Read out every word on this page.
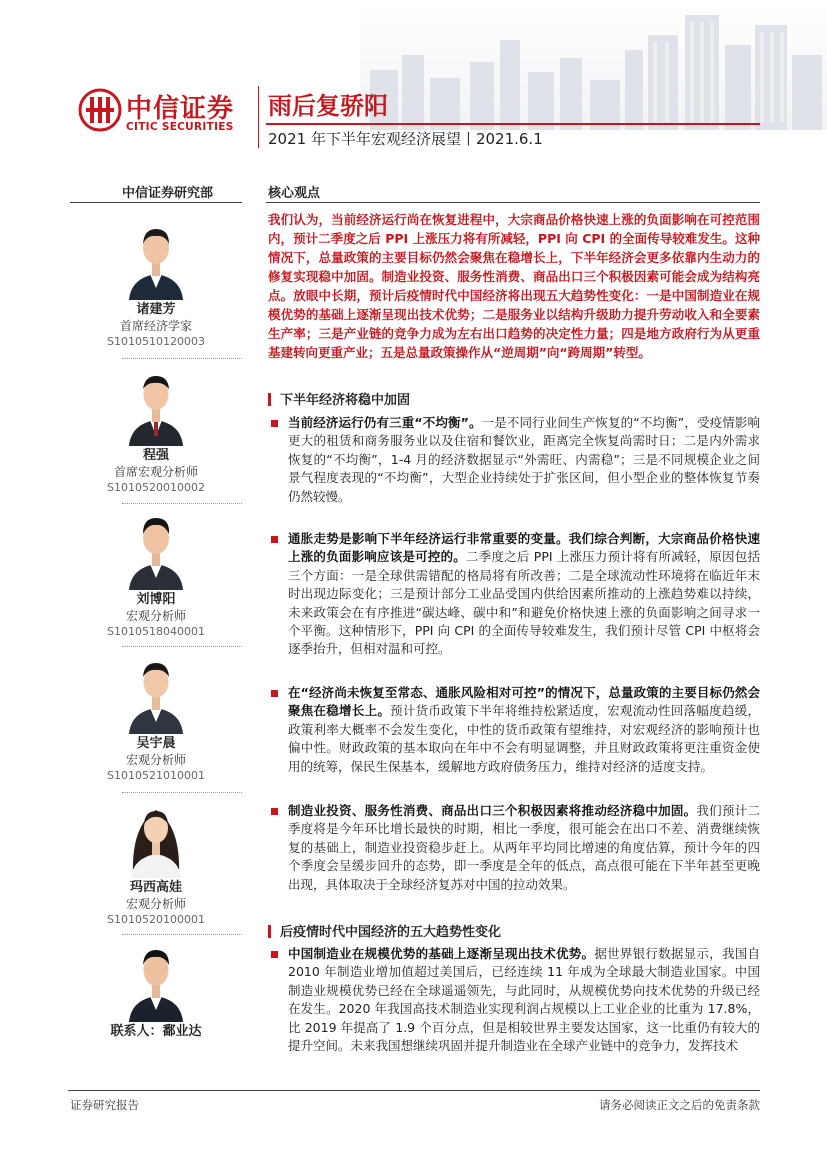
中信证券
CITIC SECURITIES
雨后复骄阳
2021 年下半年宏观经济展望丨2021.6.1
中信证券研究部	核心观点
诸建芳
首席经济学家
S1010510120003
程强
首席宏观分析师
S1010520010002
刘博阳
宏观分析师
S1010518040001
吴宇晨
宏观分析师
S1010521010001
玛西高娃
宏观分析师
S1010520100001
联系人：鄱业达
我们认为，当前经济运行尚在恢复进程中，大宗商品价格快速上涨的负面影响在可控范围内，预计二季度之后 PPI 上涨压力将有所减轻，PPI 向 CPI 的全面传导较难发生。这种情况下，总量政策的主要目标仍然会聚焦在稳增长上，下半年经济会更多依靠内生动力的修复实现稳中加固。制造业投资、服务性消费、商品出口三个积极因素可能会成为结构亮点。放眼中长期，预计后疫情时代中国经济将出现五大趋势性变化：一是中国制造业在规模优势的基础上逐渐呈现出技术优势；二是服务业以结构升级助力提升劳动收入和全要素生产率；三是产业链的竞争力成为左右出口趋势的决定性力量；四是地方政府行为从更重基建转向更重产业；五是总量政策操作从“逆周期”向“跨周期”转型。
下半年经济将稳中加固
当前经济运行仍有三重“不均衡”。一是不同行业间生产恢复的“不均衡”，受疫情影响更大的租赁和商务服务业以及住宿和餐饮业，距离完全恢复尚需时日；二是内外需求恢复的“不均衡”，1-4 月的经济数据显示“外需旺、内需稳”；三是不同规模企业之间景气程度表现的“不均衡”，大型企业持续处于扩张区间，但小型企业的整体恢复节奏仍然较慢。
通胀走势是影响下半年经济运行非常重要的变量。我们综合判断，大宗商品价格快速上涨的负面影响应该是可控的。二季度之后 PPI 上涨压力预计将有所减轻，原因包括三个方面：一是全球供需错配的格局将有所改善；二是全球流动性环境将在临近年末时出现边际变化；三是预计部分工业品受国内供给因素所推动的上涨趋势难以持续，未来政策会在有序推进“碳达峰、碳中和”和避免价格快速上涨的负面影响之间寻求一个平衡。这种情形下，PPI 向 CPI 的全面传导较难发生，我们预计尽管 CPI 中枢将会逐季抬升，但相对温和可控。
在“经济尚未恢复至常态、通胀风险相对可控”的情况下，总量政策的主要目标仍然会聚焦在稳增长上。预计货币政策下半年将维持松紧适度，宏观流动性回落幅度趋缓，政策利率大概率不会发生变化，中性的货币政策有望维持，对宏观经济的影响预计也偏中性。财政政策的基本取向在年中不会有明显调整，并且财政政策将更注重资金使用的统筹，保民生保基本，缓解地方政府债务压力，维持对经济的适度支持。
制造业投资、服务性消费、商品出口三个积极因素将推动经济稳中加固。我们预计二季度将是今年环比增长最快的时期，相比一季度，很可能会在出口不差、消费继续恢复的基础上，制造业投资稳步赶上。从两年平均同比增速的角度估算，预计今年的四个季度会呈缓步回升的态势，即一季度是全年的低点，高点很可能在下半年甚至更晚出现，具体取决于全球经济复苏对中国的拉动效果。
后疫情时代中国经济的五大趋势性变化
中国制造业在规模优势的基础上逐渐呈现出技术优势。据世界银行数据显示，我国自 2010 年制造业增加值超过美国后，已经连续 11 年成为全球最大制造业国家。中国制造业规模优势已经在全球遥遥领先，与此同时，从规模优势向技术优势的升级已经在发生。2020 年我国高技术制造业实现利润占规模以上工业企业的比重为 17.8%，比 2019 年提高了 1.9 个百分点，但是相较世界主要发达国家，这一比重仍有较大的提升空间。未来我国想继续巩固并提升制造业在全球产业链中的竞争力，发挥技术
证券研究报告	请务必阅读正文之后的免责条款
